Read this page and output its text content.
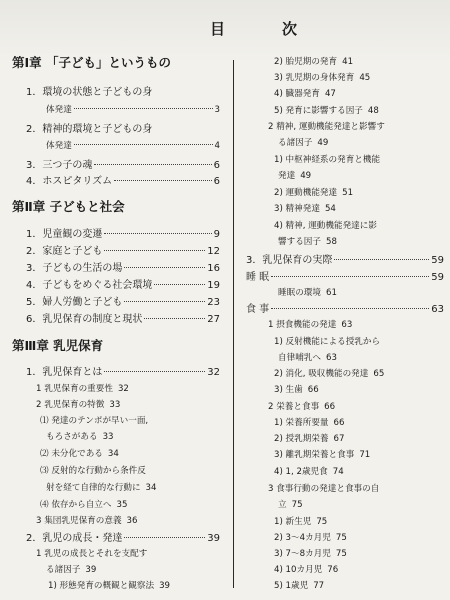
目	次
第Ⅰ章 「子ども」というもの
1．環境の状態と子どもの身
体発達	3
2．精神的環境と子どもの身
体発達	4
3．三つ子の魂	6
4．ホスピタリズム	6
第Ⅱ章 子どもと社会
1．児童観の変遷	9
2．家庭と子ども	12
3．子どもの生活の場	16
4．子どもをめぐる社会環境	19
5．婦人労働と子ども	23
6．乳児保育の制度と現状	27
第Ⅲ章 乳児保育
1．乳児保育とは	32
1 乳児保育の重要性 32
2 乳児保育の特徴 33
⑴ 発達のテンポが早い一面,
もろさがある 33
⑵ 未分化である 34
⑶ 反射的な行動から条件反
射を経て自律的な行動に 34
⑷ 依存から自立へ 35
3 集団乳児保育の意義 36
2．乳児の成長・発達	39
1 乳児の成長とそれを支配す
る諸因子 39
1) 形態発育の概観と観察法 39
2) 胎児期の発育 41
3) 乳児期の身体発育 45
4) 臓器発育 47
5) 発育に影響する因子 48
2 精神, 運動機能発達と影響す
る諸因子 49
1) 中枢神経系の発育と機能
発達 49
2) 運動機能発達 51
3) 精神発達 54
4) 精神, 運動機能発達に影
響する因子 58
3．乳児保育の実際	59
睡 眠	59
睡眠の環境 61
食 事	63
1 摂食機能の発達 63
1) 反射機能による授乳から
自律哺乳へ 63
2) 消化, 吸収機能の発達 65
3) 生歯 66
2 栄養と食事 66
1) 栄養所要量 66
2) 授乳期栄養 67
3) 離乳期栄養と食事 71
4) 1, 2歳児食 74
3 食事行動の発達と食事の自
立 75
1) 新生児 75
2) 3～4カ月児 75
3) 7～8カ月児 75
4) 10カ月児 76
5) 1歳児 77
